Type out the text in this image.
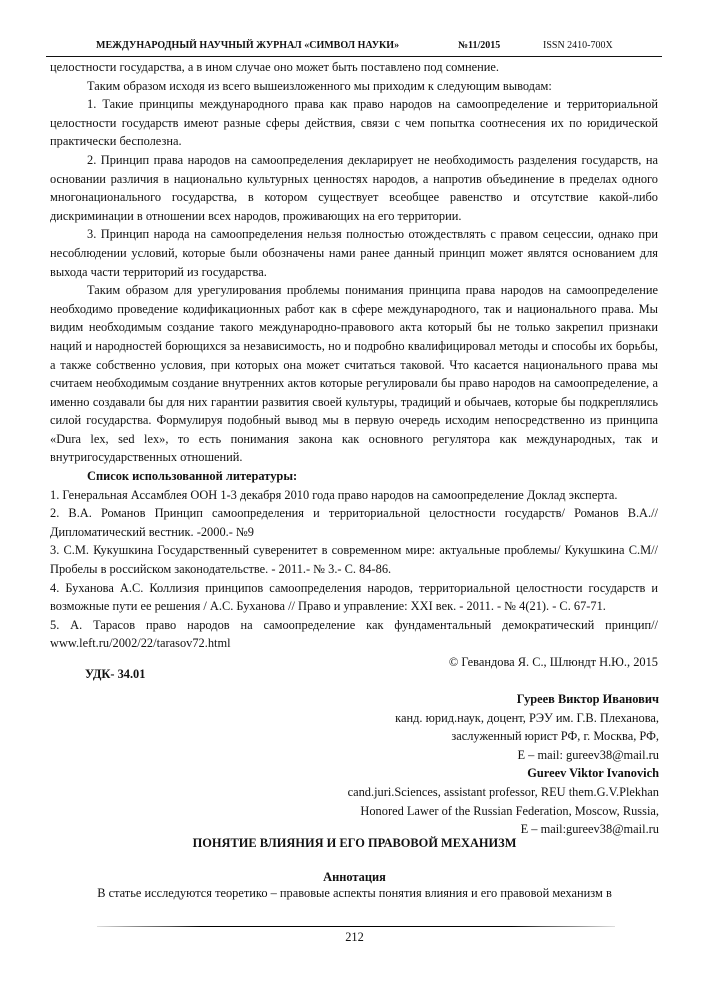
МЕЖДУНАРОДНЫЙ НАУЧНЫЙ ЖУРНАЛ «СИМВОЛ НАУКИ»	№11/2015	ISSN 2410-700X

целостности государства, а в ином случае оно может быть поставлено под сомнение.

Таким образом исходя из всего вышеизложенного мы приходим к следующим выводам:

1. Такие принципы международного права как право народов на самоопределение и территориальной целостности государств имеют разные сферы действия, связи с чем попытка соотнесения их по юридической практически бесполезна.

2. Принцип права народов на самоопределения декларирует не необходимость разделения государств, на основании различия в национально культурных ценностях народов, а напротив объединение в пределах одного многонационального государства, в котором существует всеобщее равенство и отсутствие какой-либо дискриминации в отношении всех народов, проживающих на его территории.

3. Принцип народа на самоопределения нельзя полностью отождествлять с правом сецессии, однако при несоблюдении условий, которые были обозначены нами ранее данный принцип может являтся основанием для выхода части территорий из государства.

Таким образом для урегулирования проблемы понимания принципа права народов на самоопределение необходимо проведение кодификационных работ как в сфере международного, так и национального права. Мы видим необходимым создание такого международно-правового акта который бы не только закрепил признаки наций и народностей борющихся за независимость, но и подробно квалифицировал методы и способы их борьбы, а также собственно условия, при которых она может считаться таковой. Что касается национального права мы считаем необходимым создание внутренних актов которые регулировали бы право народов на самоопределение, а именно создавали бы для них гарантии развития своей культуры, традиций и обычаев, которые бы подкреплялись силой государства. Формулируя подобный вывод мы в первую очередь исходим непосредственно из принципа «Dura lex, sed lex», то есть понимания закона как основного регулятора как международных, так и внутригосударственных отношений.

Список использованной литературы:

1. Генеральная Ассамблея ООН 1-3 декабря 2010 года право народов на самоопределение Доклад эксперта.

2. В.А. Романов Принцип самоопределения и территориальной целостности государств/ Романов В.А.// Дипломатический вестник. -2000.- №9

3. С.М. Кукушкина Государственный суверенитет в современном мире: актуальные проблемы/ Кукушкина С.М// Пробелы в российском законодательстве. - 2011.- № 3.- С. 84-86.

4. Буханова А.С. Коллизия принципов самоопределения народов, территориальной целостности государств и возможные пути ее решения / А.С. Буханова // Право и управление: XXI век. - 2011. - № 4(21). - С. 67-71.

5. А. Тарасов право народов на самоопределение как фундаментальный демократический принцип// www.left.ru/2002/22/tarasov72.html

© Гевандова Я. С., Шлюндт Н.Ю., 2015

УДК- 34.01
Гуреев Виктор Иванович
канд. юрид.наук, доцент, РЭУ им. Г.В. Плеханова,
заслуженный юрист РФ, г. Москва, РФ,
E – mail: gureev38@mail.ru
Gureev Viktor Ivanovich
cand.juri.Sciences, assistant professor, REU them.G.V.Plekhan
Honored Lawer of the Russian Federation, Moscow, Russia,
E – mail:gureev38@mail.ru
ПОНЯТИЕ ВЛИЯНИЯ И ЕГО ПРАВОВОЙ МЕХАНИЗМ
Аннотация
В статье исследуются теоретико – правовые аспекты понятия влияния и его правовой механизм в
212
